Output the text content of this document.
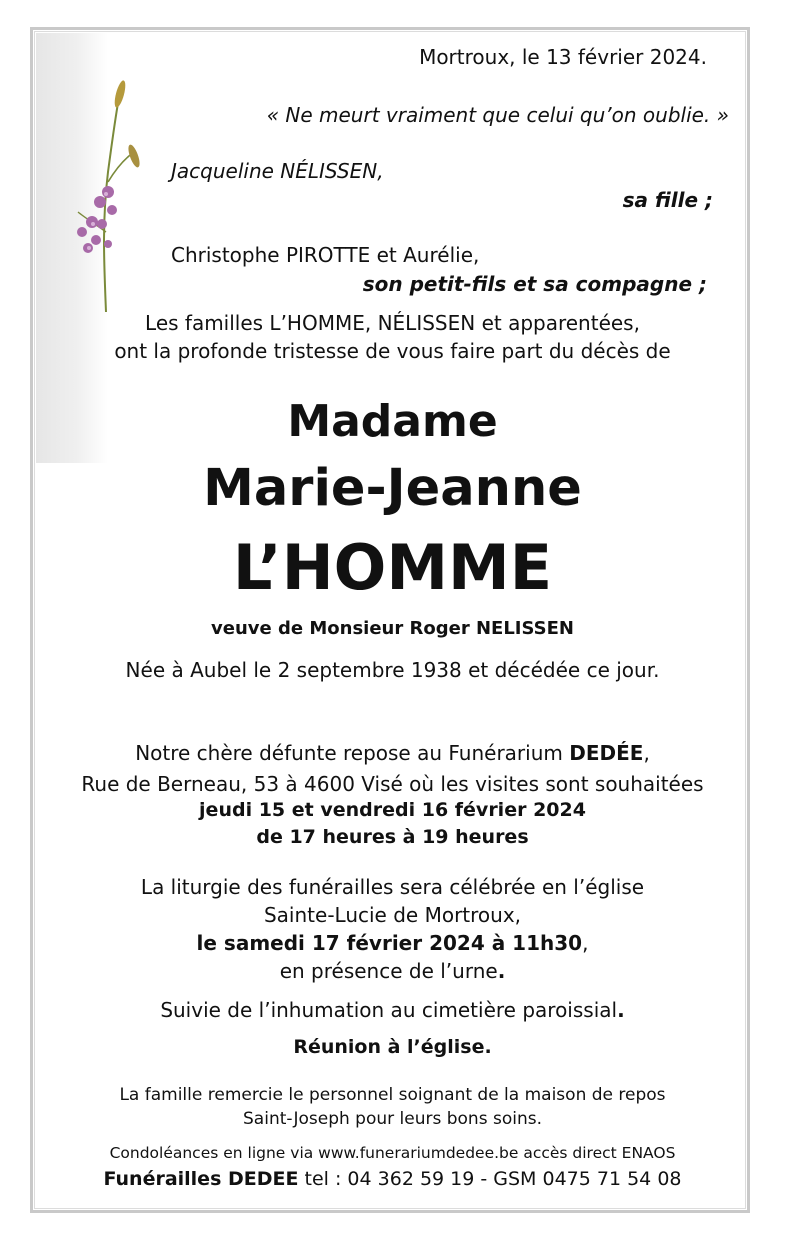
Mortroux, le 13 février 2024.
« Ne meurt vraiment que celui qu’on oublie. »
Jacqueline NÉLISSEN,
sa fille ;
Christophe PIROTTE et Aurélie,
son petit-fils et sa compagne ;
Les familles L’HOMME, NÉLISSEN et apparentées,
ont la profonde tristesse de vous faire part du décès de
Madame
Marie-Jeanne
L’HOMME
veuve de Monsieur Roger NELISSEN
Née à Aubel le 2 septembre 1938 et décédée ce jour.
Notre chère défunte repose au Funérarium DEDÉE,
Rue de Berneau, 53 à 4600 Visé où les visites sont souhaitées
jeudi 15 et vendredi 16 février 2024
de 17 heures à 19 heures
La liturgie des funérailles sera célébrée en l’église
Sainte-Lucie de Mortroux,
le samedi 17 février 2024 à 11h30,
en présence de l’urne.
Suivie de l’inhumation au cimetière paroissial.
Réunion à l’église.
La famille remercie le personnel soignant de la maison de repos
Saint-Joseph pour leurs bons soins.
Condoléances en ligne via www.funerariumdedee.be accès direct ENAOS
Funérailles DEDEE tel : 04 362 59 19 - GSM 0475 71 54 08
